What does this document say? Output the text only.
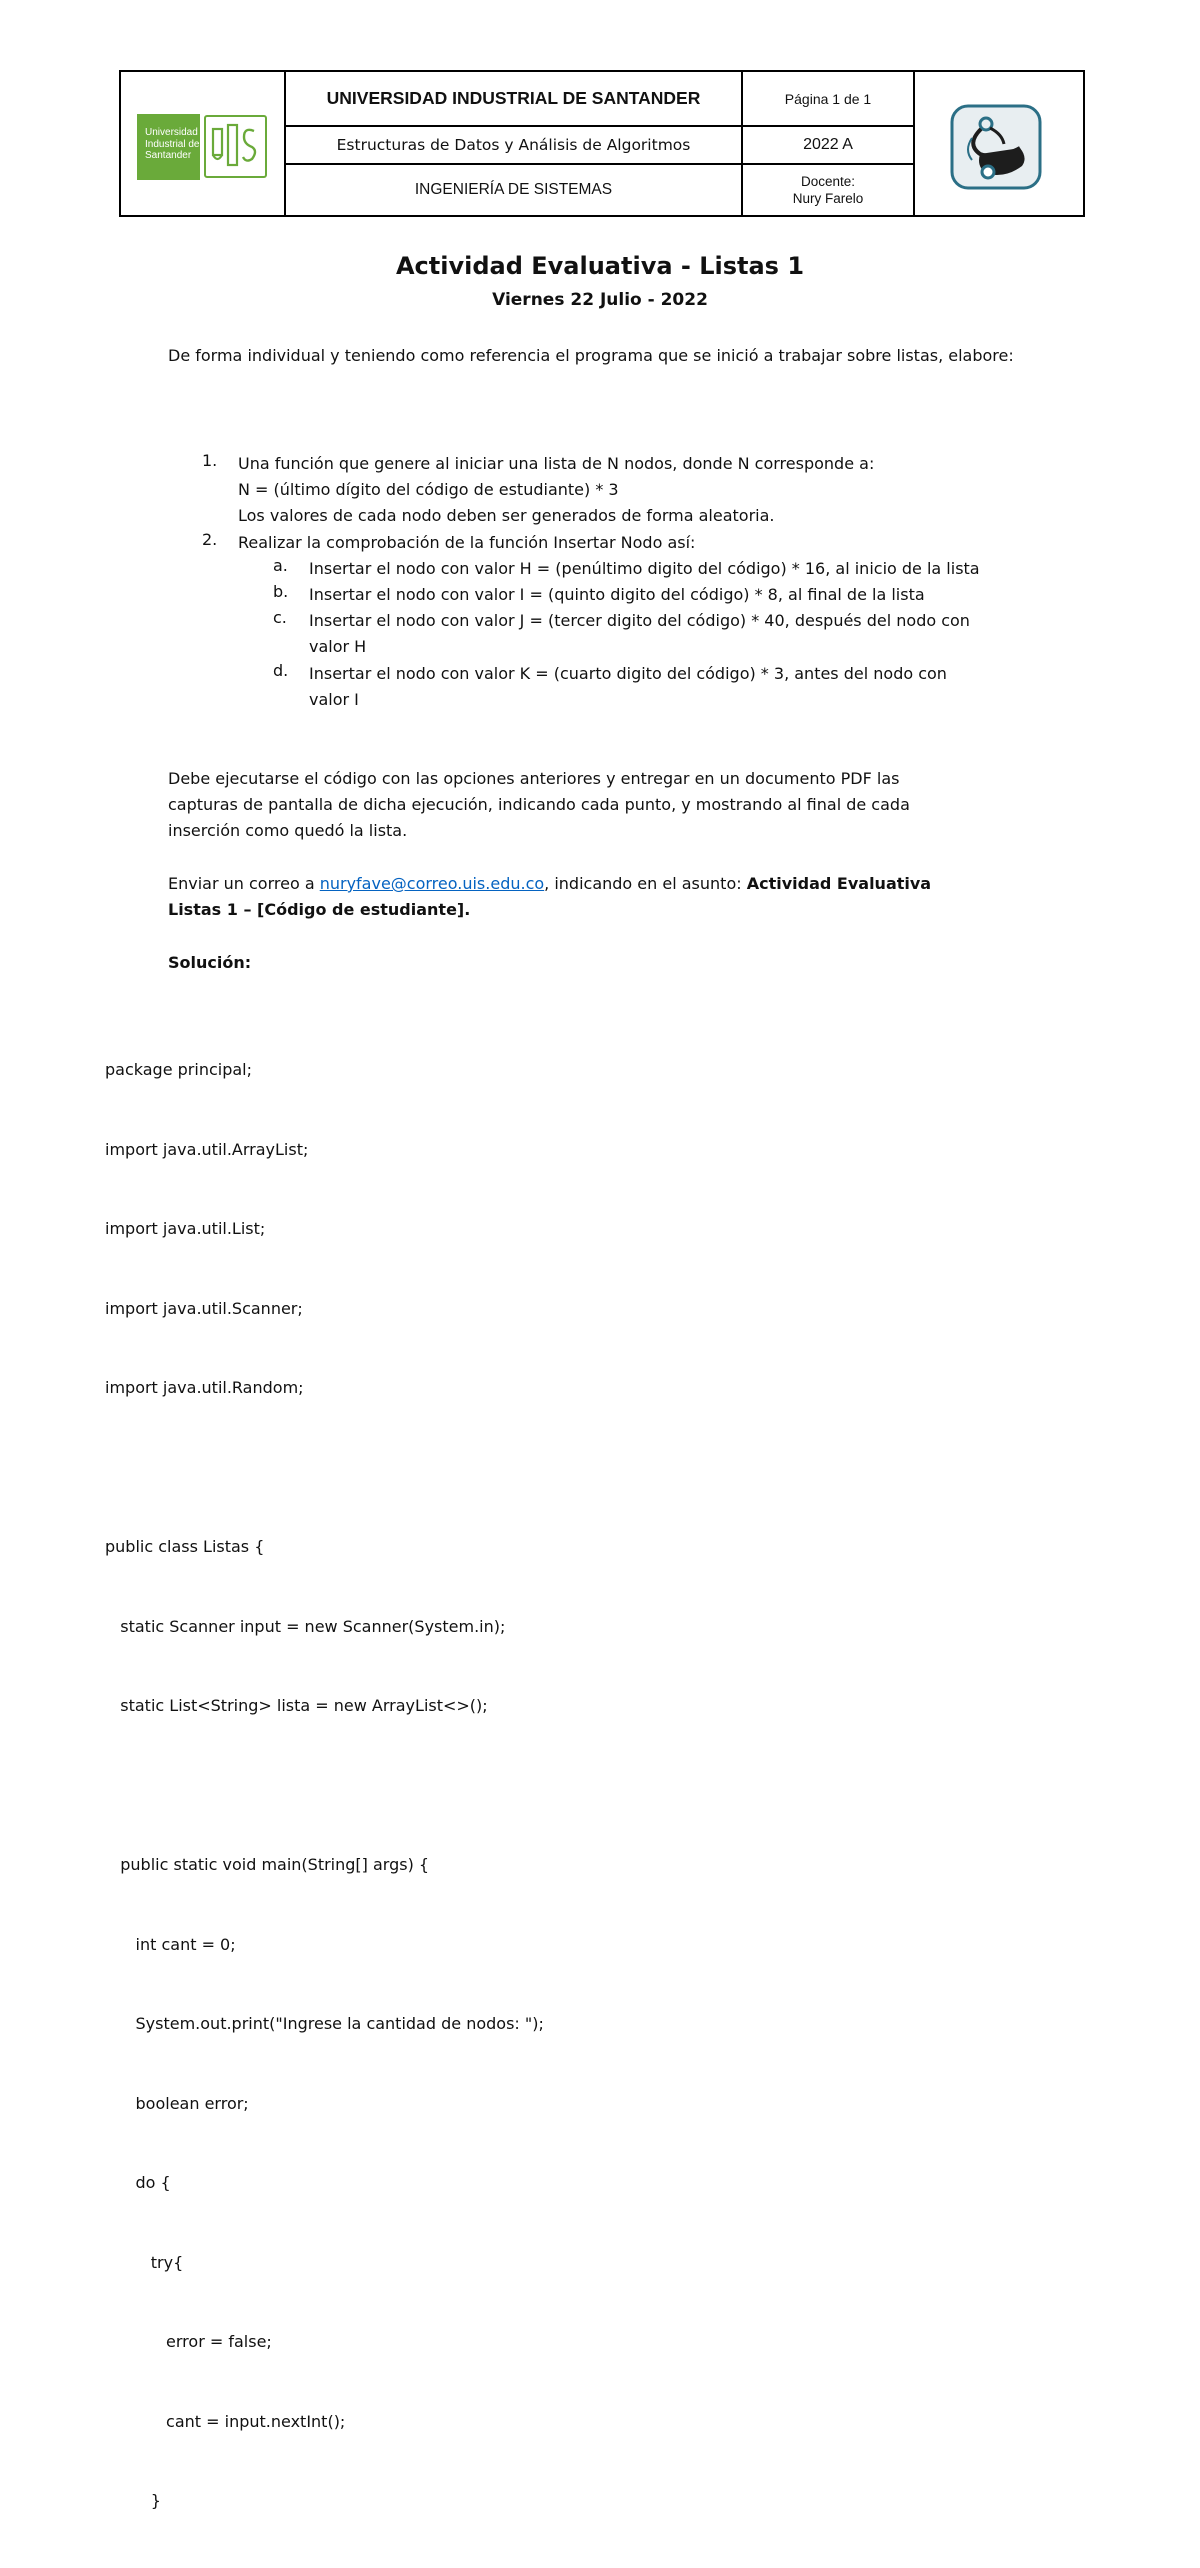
UNIVERSIDAD INDUSTRIAL DE SANTANDER	Página 1 de 1
Estructuras de Datos y Análisis de Algoritmos	2022 A
INGENIERÍA DE SISTEMAS	Docente:
Nury Farelo
Universidad
Industrial de
Santander
Actividad Evaluativa - Listas 1
Viernes 22 Julio - 2022
De forma individual y teniendo como referencia el programa que se inició a trabajar sobre listas, elabore:
1. Una función que genere al iniciar una lista de N nodos, donde N corresponde a:
N = (último dígito del código de estudiante) * 3
Los valores de cada nodo deben ser generados de forma aleatoria.
2. Realizar la comprobación de la función Insertar Nodo así:
a. Insertar el nodo con valor H = (penúltimo digito del código) * 16, al inicio de la lista
b. Insertar el nodo con valor I = (quinto digito del código) * 8, al final de la lista
c. Insertar el nodo con valor J = (tercer digito del código) * 40, después del nodo con
valor H
d. Insertar el nodo con valor K = (cuarto digito del código) * 3, antes del nodo con
valor I
Debe ejecutarse el código con las opciones anteriores y entregar en un documento PDF las
capturas de pantalla de dicha ejecución, indicando cada punto, y mostrando al final de cada
inserción como quedó la lista.
Enviar un correo a nuryfave@correo.uis.edu.co, indicando en el asunto: Actividad Evaluativa
Listas 1 – [Código de estudiante].
Solución:

package principal;

import java.util.ArrayList;

import java.util.List;

import java.util.Scanner;

import java.util.Random;

public class Listas {

static Scanner input = new Scanner(System.in);

static List<String> lista = new ArrayList<>();

public static void main(String[] args) {

int cant = 0;

System.out.print("Ingrese la cantidad de nodos: ");

boolean error;

do {

try{

error = false;

cant = input.nextInt();

}
